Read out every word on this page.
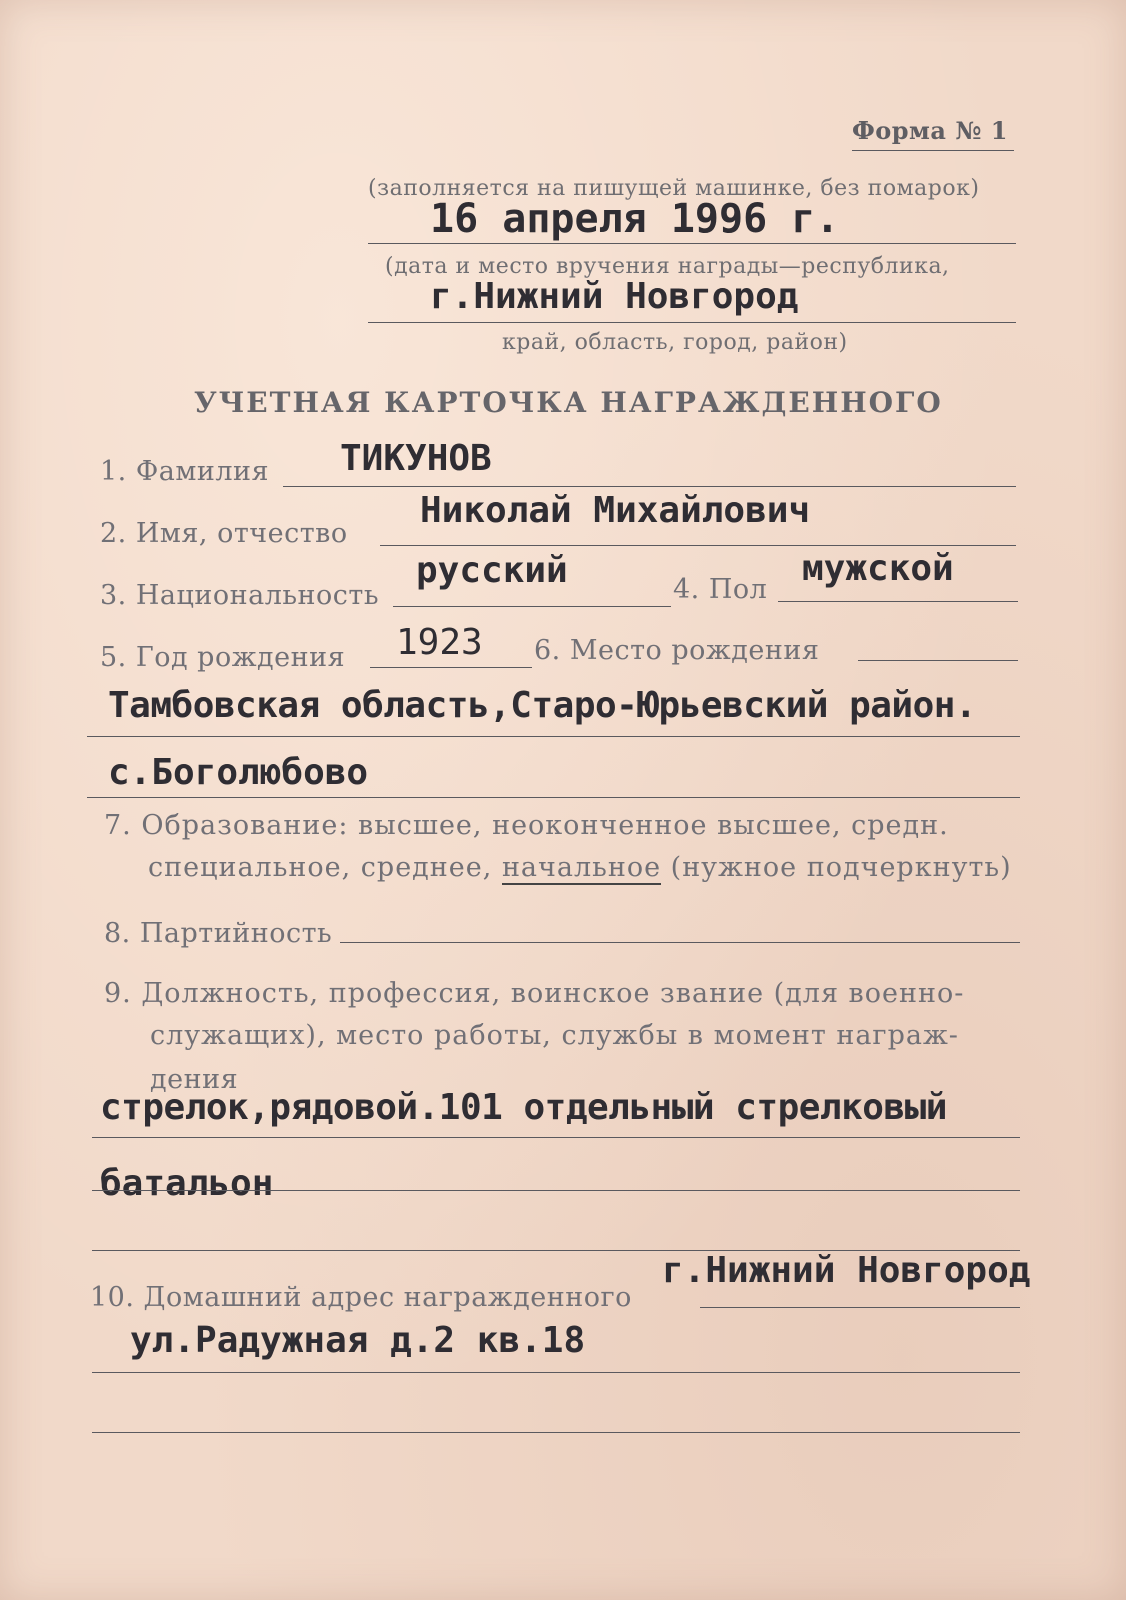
Форма № 1
(заполняется на пишущей машинке, без помарок)
16 апреля 1996 г.
(дата и место вручения награды—республика,
г.Нижний Новгород
край, область, город, район)
УЧЕТНАЯ КАРТОЧКА НАГРАЖДЕННОГО
1. Фамилия ТИКУНОВ
2. Имя, отчество
Николай Михайлович
3. Национальность
русский	4. Пол
мужской
5. Год рождения 1923 6. Место рождения
Тамбовская область,Старо-Юрьевский район.
с.Боголюбово
7. Образование: высшее, неоконченное высшее, средн.
специальное, среднее, начальное (нужное подчеркнуть)
8. Партийность
9. Должность, профессия, воинское звание (для военно-
служащих), место работы, службы в момент награж-
дения
стрелок,рядовой.101 отдельный стрелковый
батальон
10. Домашний адрес награжденного
г.Нижний Новгород
ул.Радужная д.2 кв.18
